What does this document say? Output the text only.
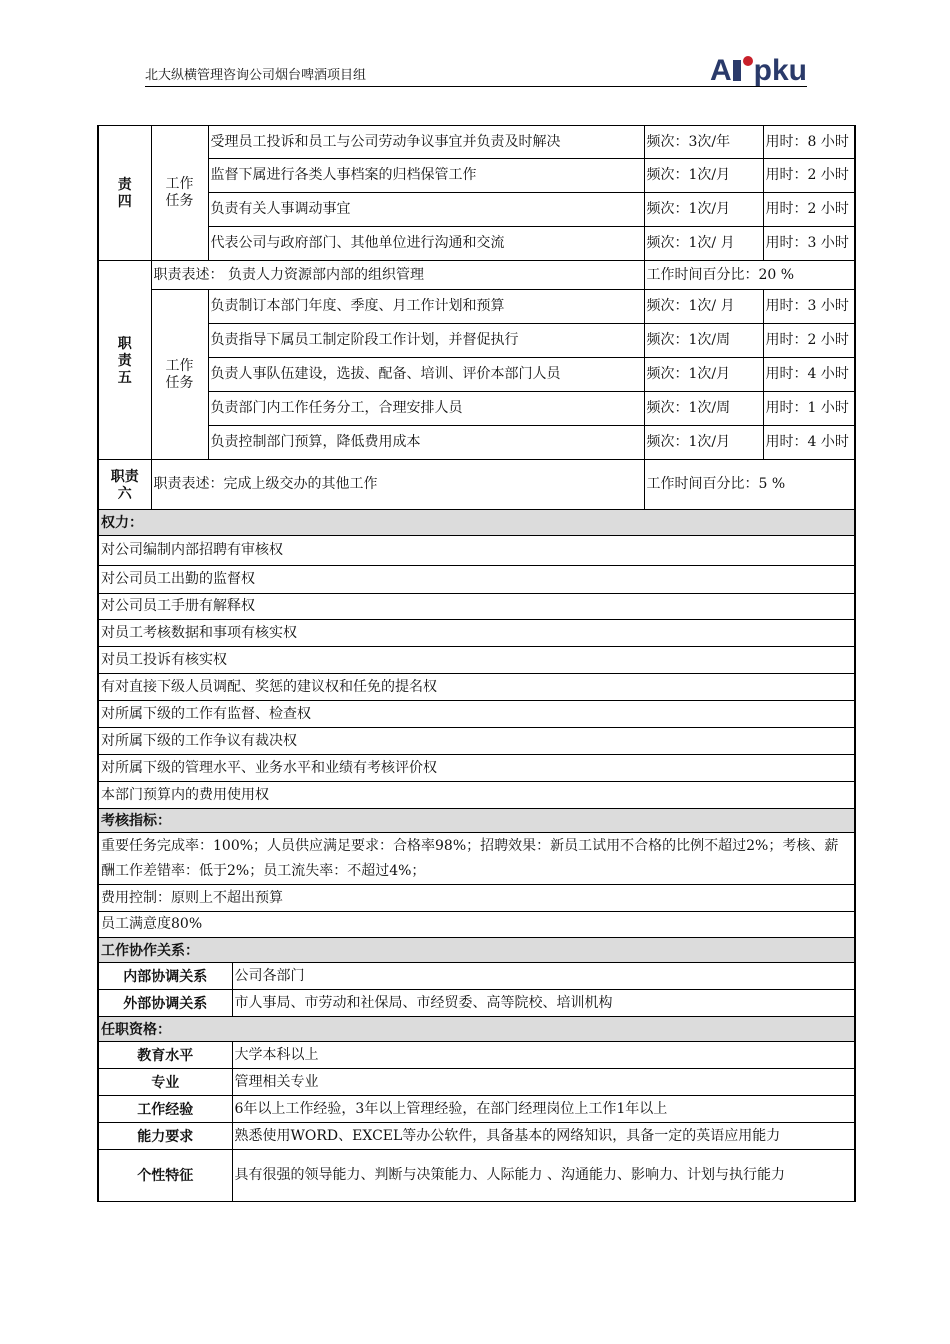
北大纵横管理咨询公司烟台啤酒项目组	A pku
责四	工作任务	受理员工投诉和员工与公司劳动争议事宜并负责及时解决		频次：3次/年	用时：8 小时
		监督下属进行各类人事档案的归档保管工作		频次：1次/月	用时：2 小时
		负责有关人事调动事宜		频次：1次/月	用时：2 小时
		代表公司与政府部门、其他单位进行沟通和交流		频次：1次/ 月	用时：3 小时
职责五	职责表述： 负责人力资源部内部的组织管理			工作时间百分比：20 %	
	工作任务	负责制订本部门年度、季度、月工作计划和预算		频次：1次/ 月	用时：3 小时
		负责指导下属员工制定阶段工作计划，并督促执行		频次：1次/周	用时：2 小时
		负责人事队伍建设，选拔、配备、培训、评价本部门人员		频次：1次/月	用时：4 小时
		负责部门内工作任务分工，合理安排人员		频次：1次/周	用时：1 小时
		负责控制部门预算，降低费用成本		频次：1次/月	用时：4 小时
职责六	职责表述：完成上级交办的其他工作			工作时间百分比：5 %	
权力：					
对公司编制内部招聘有审核权					
对公司员工出勤的监督权					
对公司员工手册有解释权					
对员工考核数据和事项有核实权					
对员工投诉有核实权					
有对直接下级人员调配、奖惩的建议权和任免的提名权					
对所属下级的工作有监督、检查权					
对所属下级的工作争议有裁决权					
对所属下级的管理水平、业务水平和业绩有考核评价权					
本部门预算内的费用使用权					
考核指标：					
重要任务完成率：100%；人员供应满足要求：合格率98%；招聘效果：新员工试用不合格的比例不超过2%；考核、薪酬工作差错率：低于2%；员工流失率：不超过4%；					
费用控制：原则上不超出预算					
员工满意度80%					
工作协作关系：					
内部协调关系			公司各部门		
外部协调关系			市人事局、市劳动和社保局、市经贸委、高等院校、培训机构		
任职资格：					
教育水平			大学本科以上		
专业			管理相关专业		
工作经验			6年以上工作经验，3年以上管理经验，在部门经理岗位上工作1年以上		
能力要求			熟悉使用WORD、EXCEL等办公软件，具备基本的网络知识，具备一定的英语应用能力		
个性特征			具有很强的领导能力、判断与决策能力、人际能力 、沟通能力、影响力、计划与执行能力		
